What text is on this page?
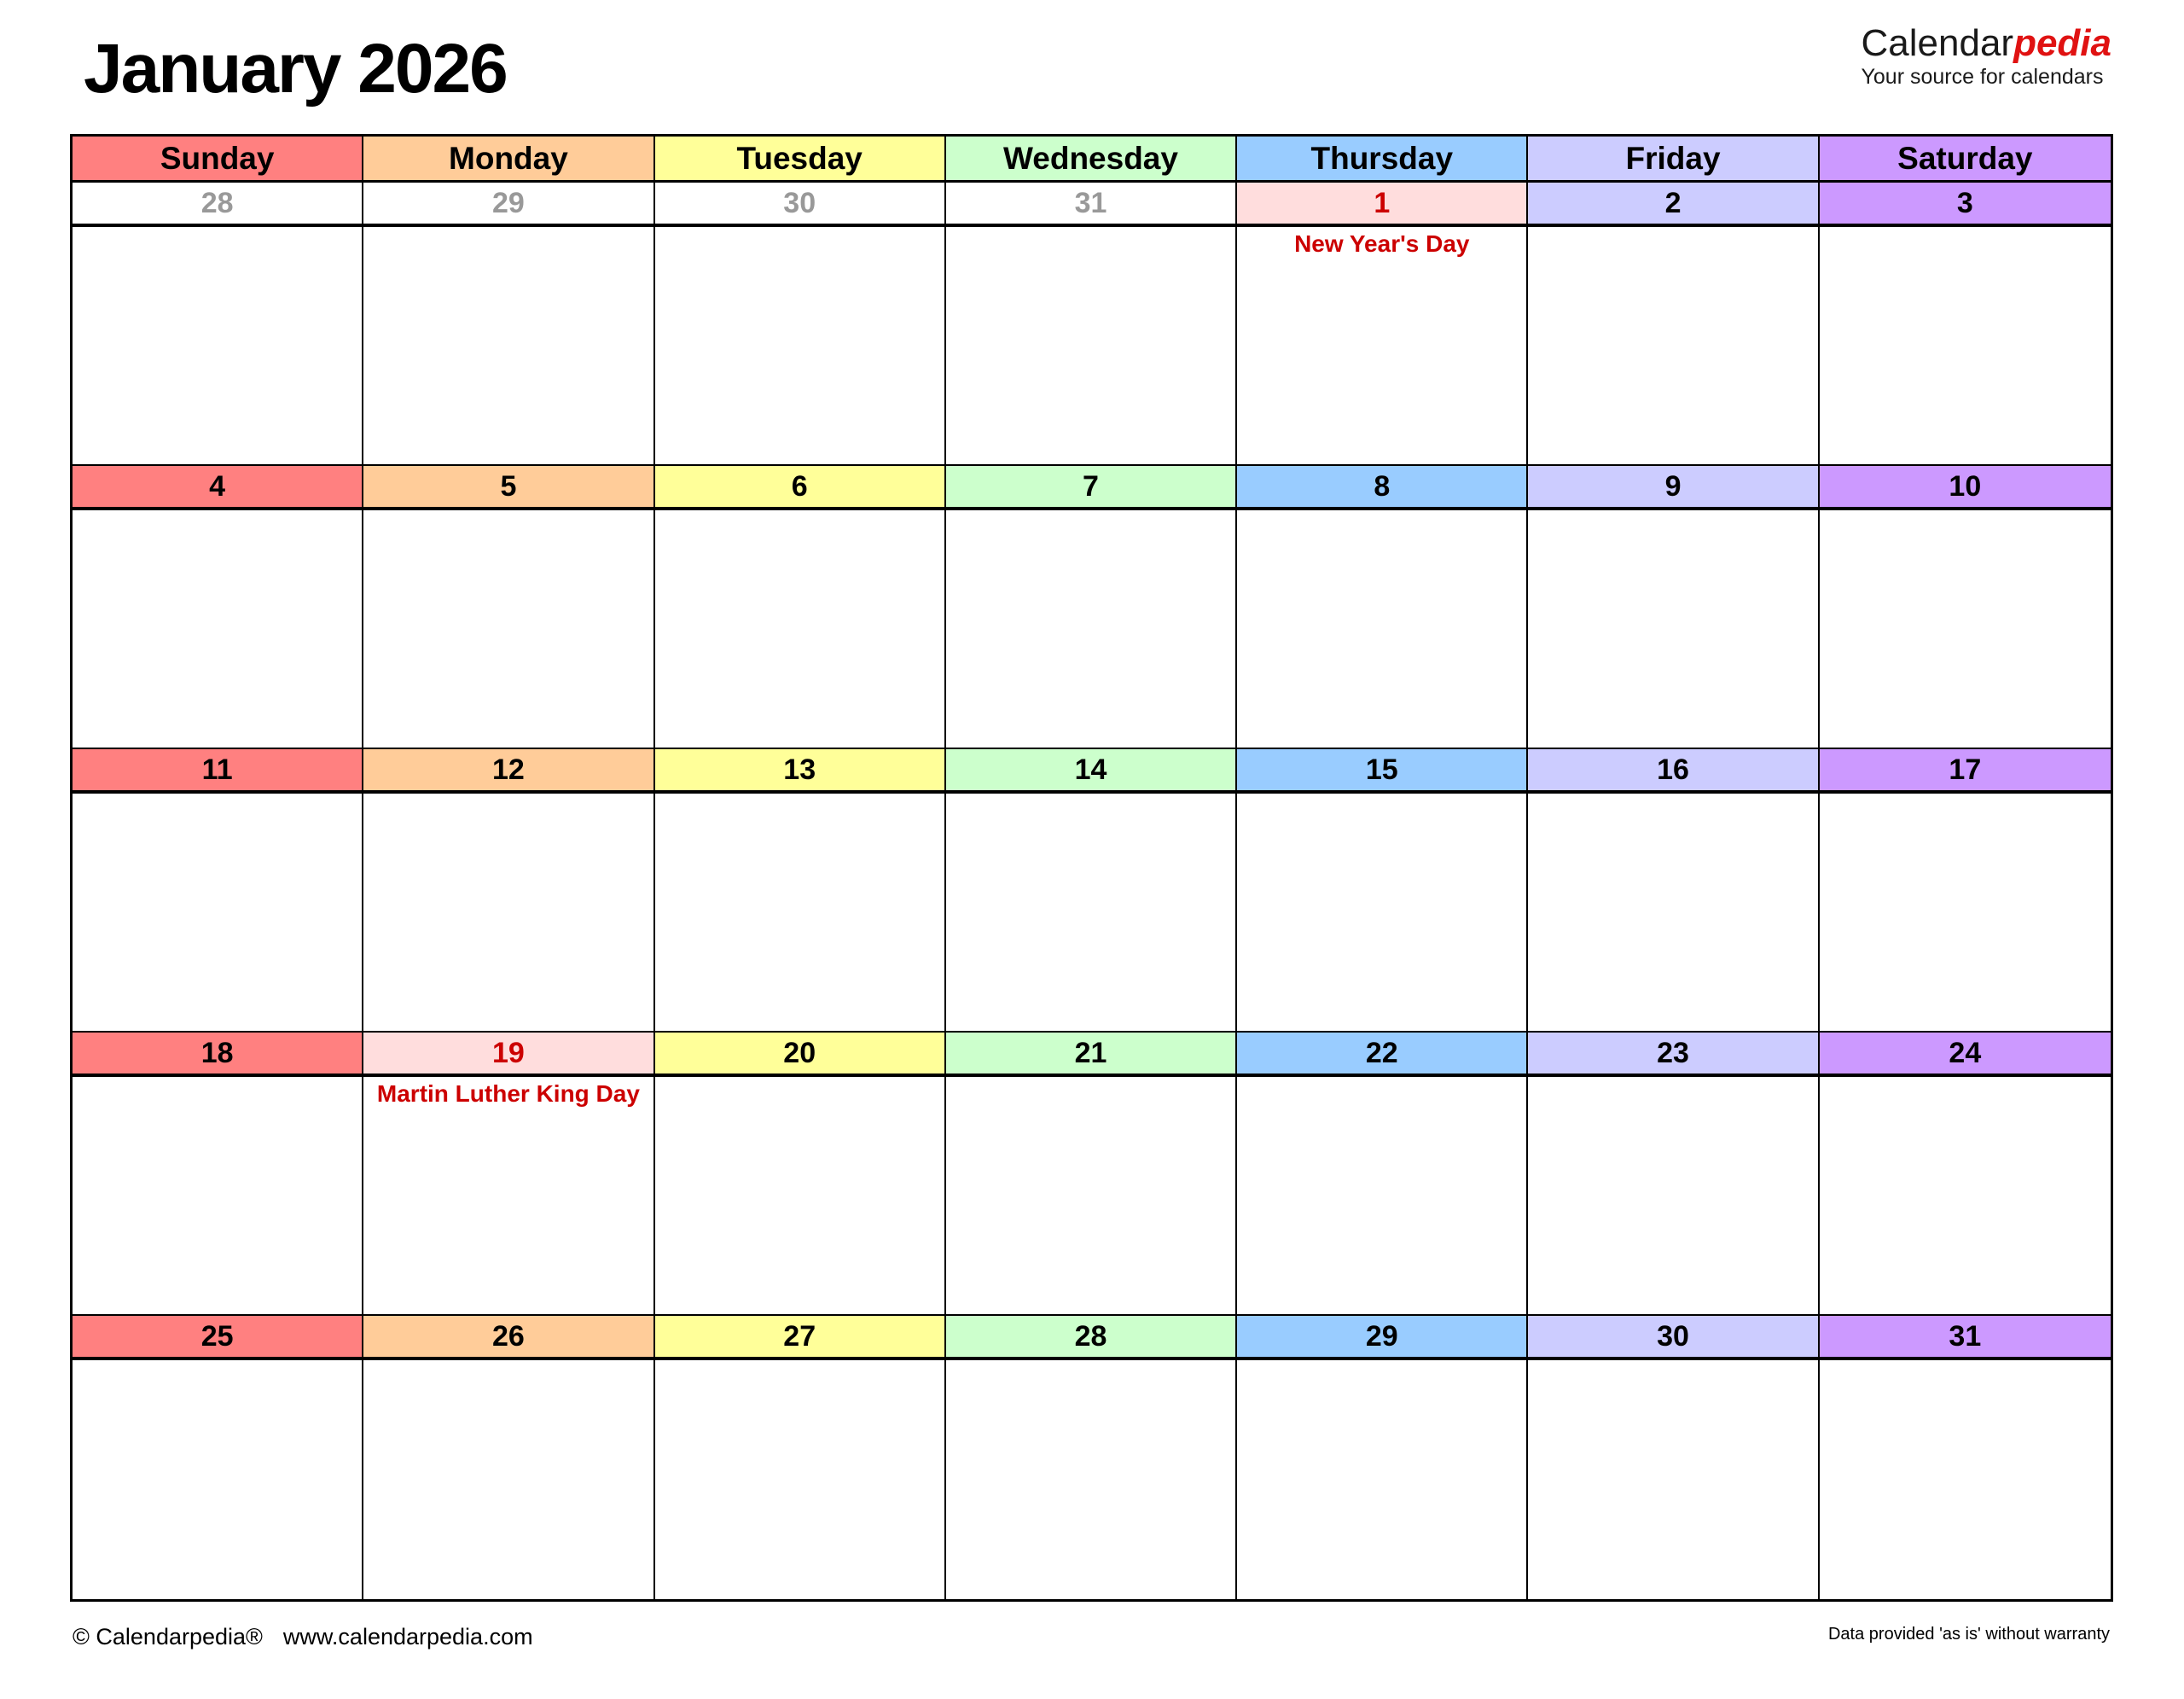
January 2026	Calendarpedia
Your source for calendars
Sunday	Monday	Tuesday	Wednesday	Thursday	Friday	Saturday
28	29	30	31	1	2	3
New Year's Day
4	5	6	7	8	9	10
11	12	13	14	15	16	17
18	19	20	21	22	23	24
Martin Luther King Day
25	26	27	28	29	30	31
© Calendarpedia® www.calendarpedia.com	Data provided 'as is' without warranty
